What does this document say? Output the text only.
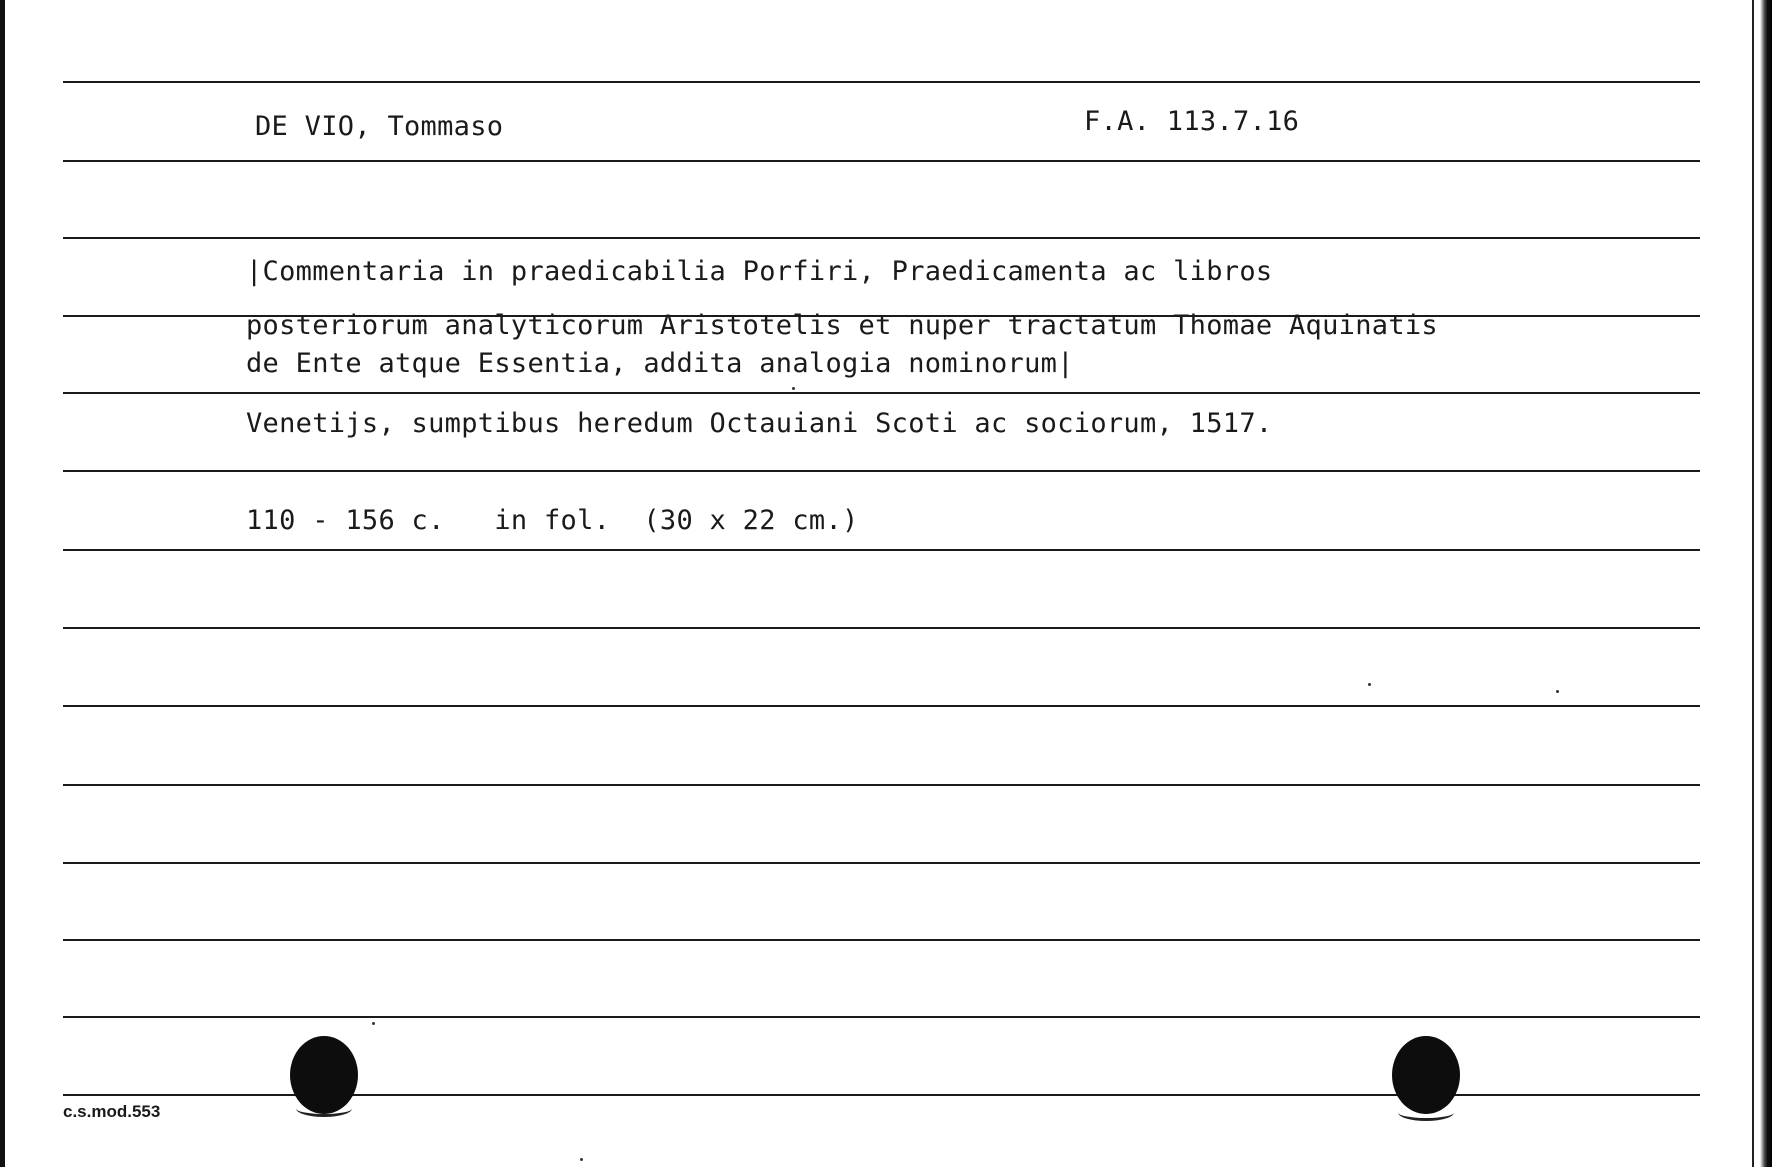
DE VIO, Tommaso	F.A. 113.7.16
|Commentaria in praedicabilia Porfiri, Praedicamenta ac libros
posteriorum analyticorum Aristotelis et nuper tractatum Thomae Aquinatis
de Ente atque Essentia, addita analogia nominorum|
Venetijs, sumptibus heredum Octauiani Scoti ac sociorum, 1517.
110 - 156 c.   in fol.  (30 x 22 cm.)
c.s.mod.553
